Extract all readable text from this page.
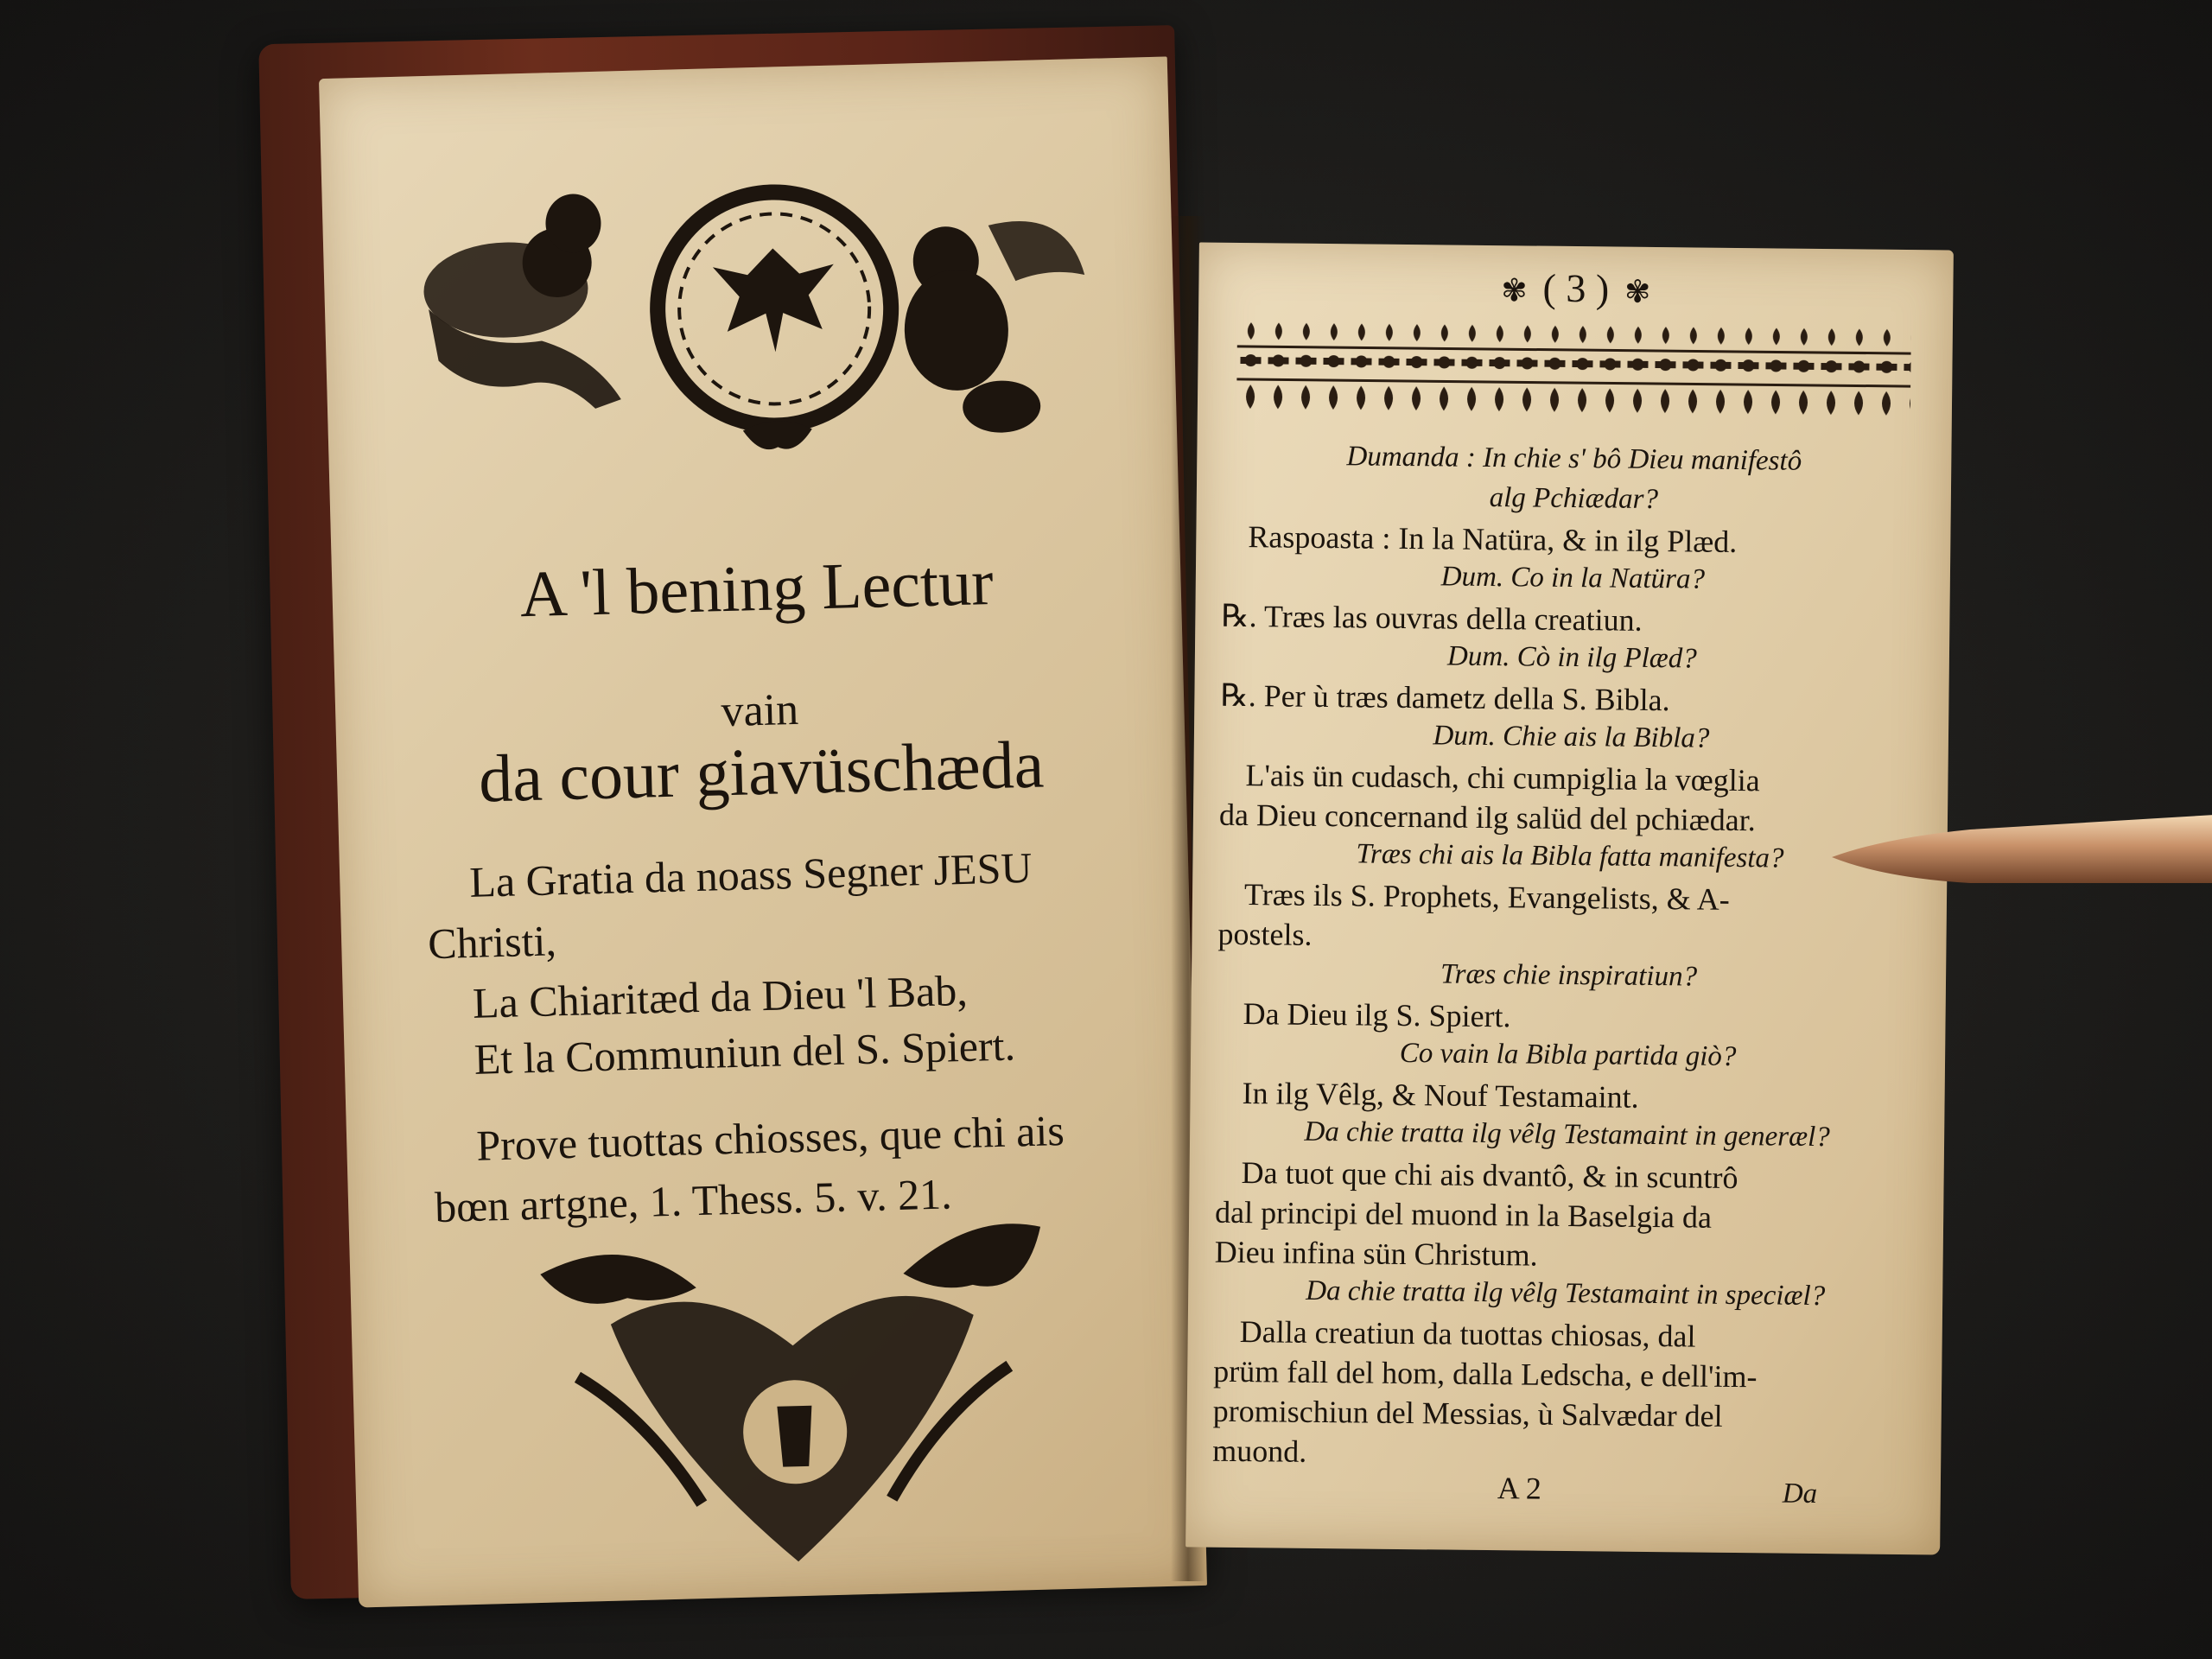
A 'l bening Lectur
vain
da cour giavüschæda
La Gratia da noass Segner JESU
Christi,
La Chiaritæd da Dieu 'l Bab,
Et la Communiun del S. Spiert.
Prove tuottas chiosses, que chi ais
bœn artgne, 1. Thess. 5. v. 21.
✾ ( 3 ) ✾
Dumanda : In chie s' bô Dieu manifestô
alg Pchiædar?
Raspoasta : In la Natüra, & in ilg Plæd.
Dum. Co in la Natüra?
℞. Træs las ouvras della creatiun.
Dum. Cò in ilg Plæd?
℞. Per ù træs dametz della S. Bibla.
Dum. Chie ais la Bibla?
L'ais ün cudasch, chi cumpiglia la vœglia
da Dieu concernand ilg salüd del pchiædar.
Træs chi ais la Bibla fatta manifesta?
Træs ils S. Prophets, Evangelists, & A-
postels.
Træs chie inspiratiun?
Da Dieu ilg S. Spiert.
Co vain la Bibla partida giò?
In ilg Vêlg, & Nouf Testamaint.
Da chie tratta ilg vêlg Testamaint in generæl?
Da tuot que chi ais dvantô, & in scuntrô
dal principi del muond in la Baselgia da
Dieu infina sün Christum.
Da chie tratta ilg vêlg Testamaint in speciæl?
Dalla creatiun da tuottas chiosas, dal
prüm fall del hom, dalla Ledscha, e dell'im-
promischiun del Messias, ù Salvædar del
muond.
A 2	Da
